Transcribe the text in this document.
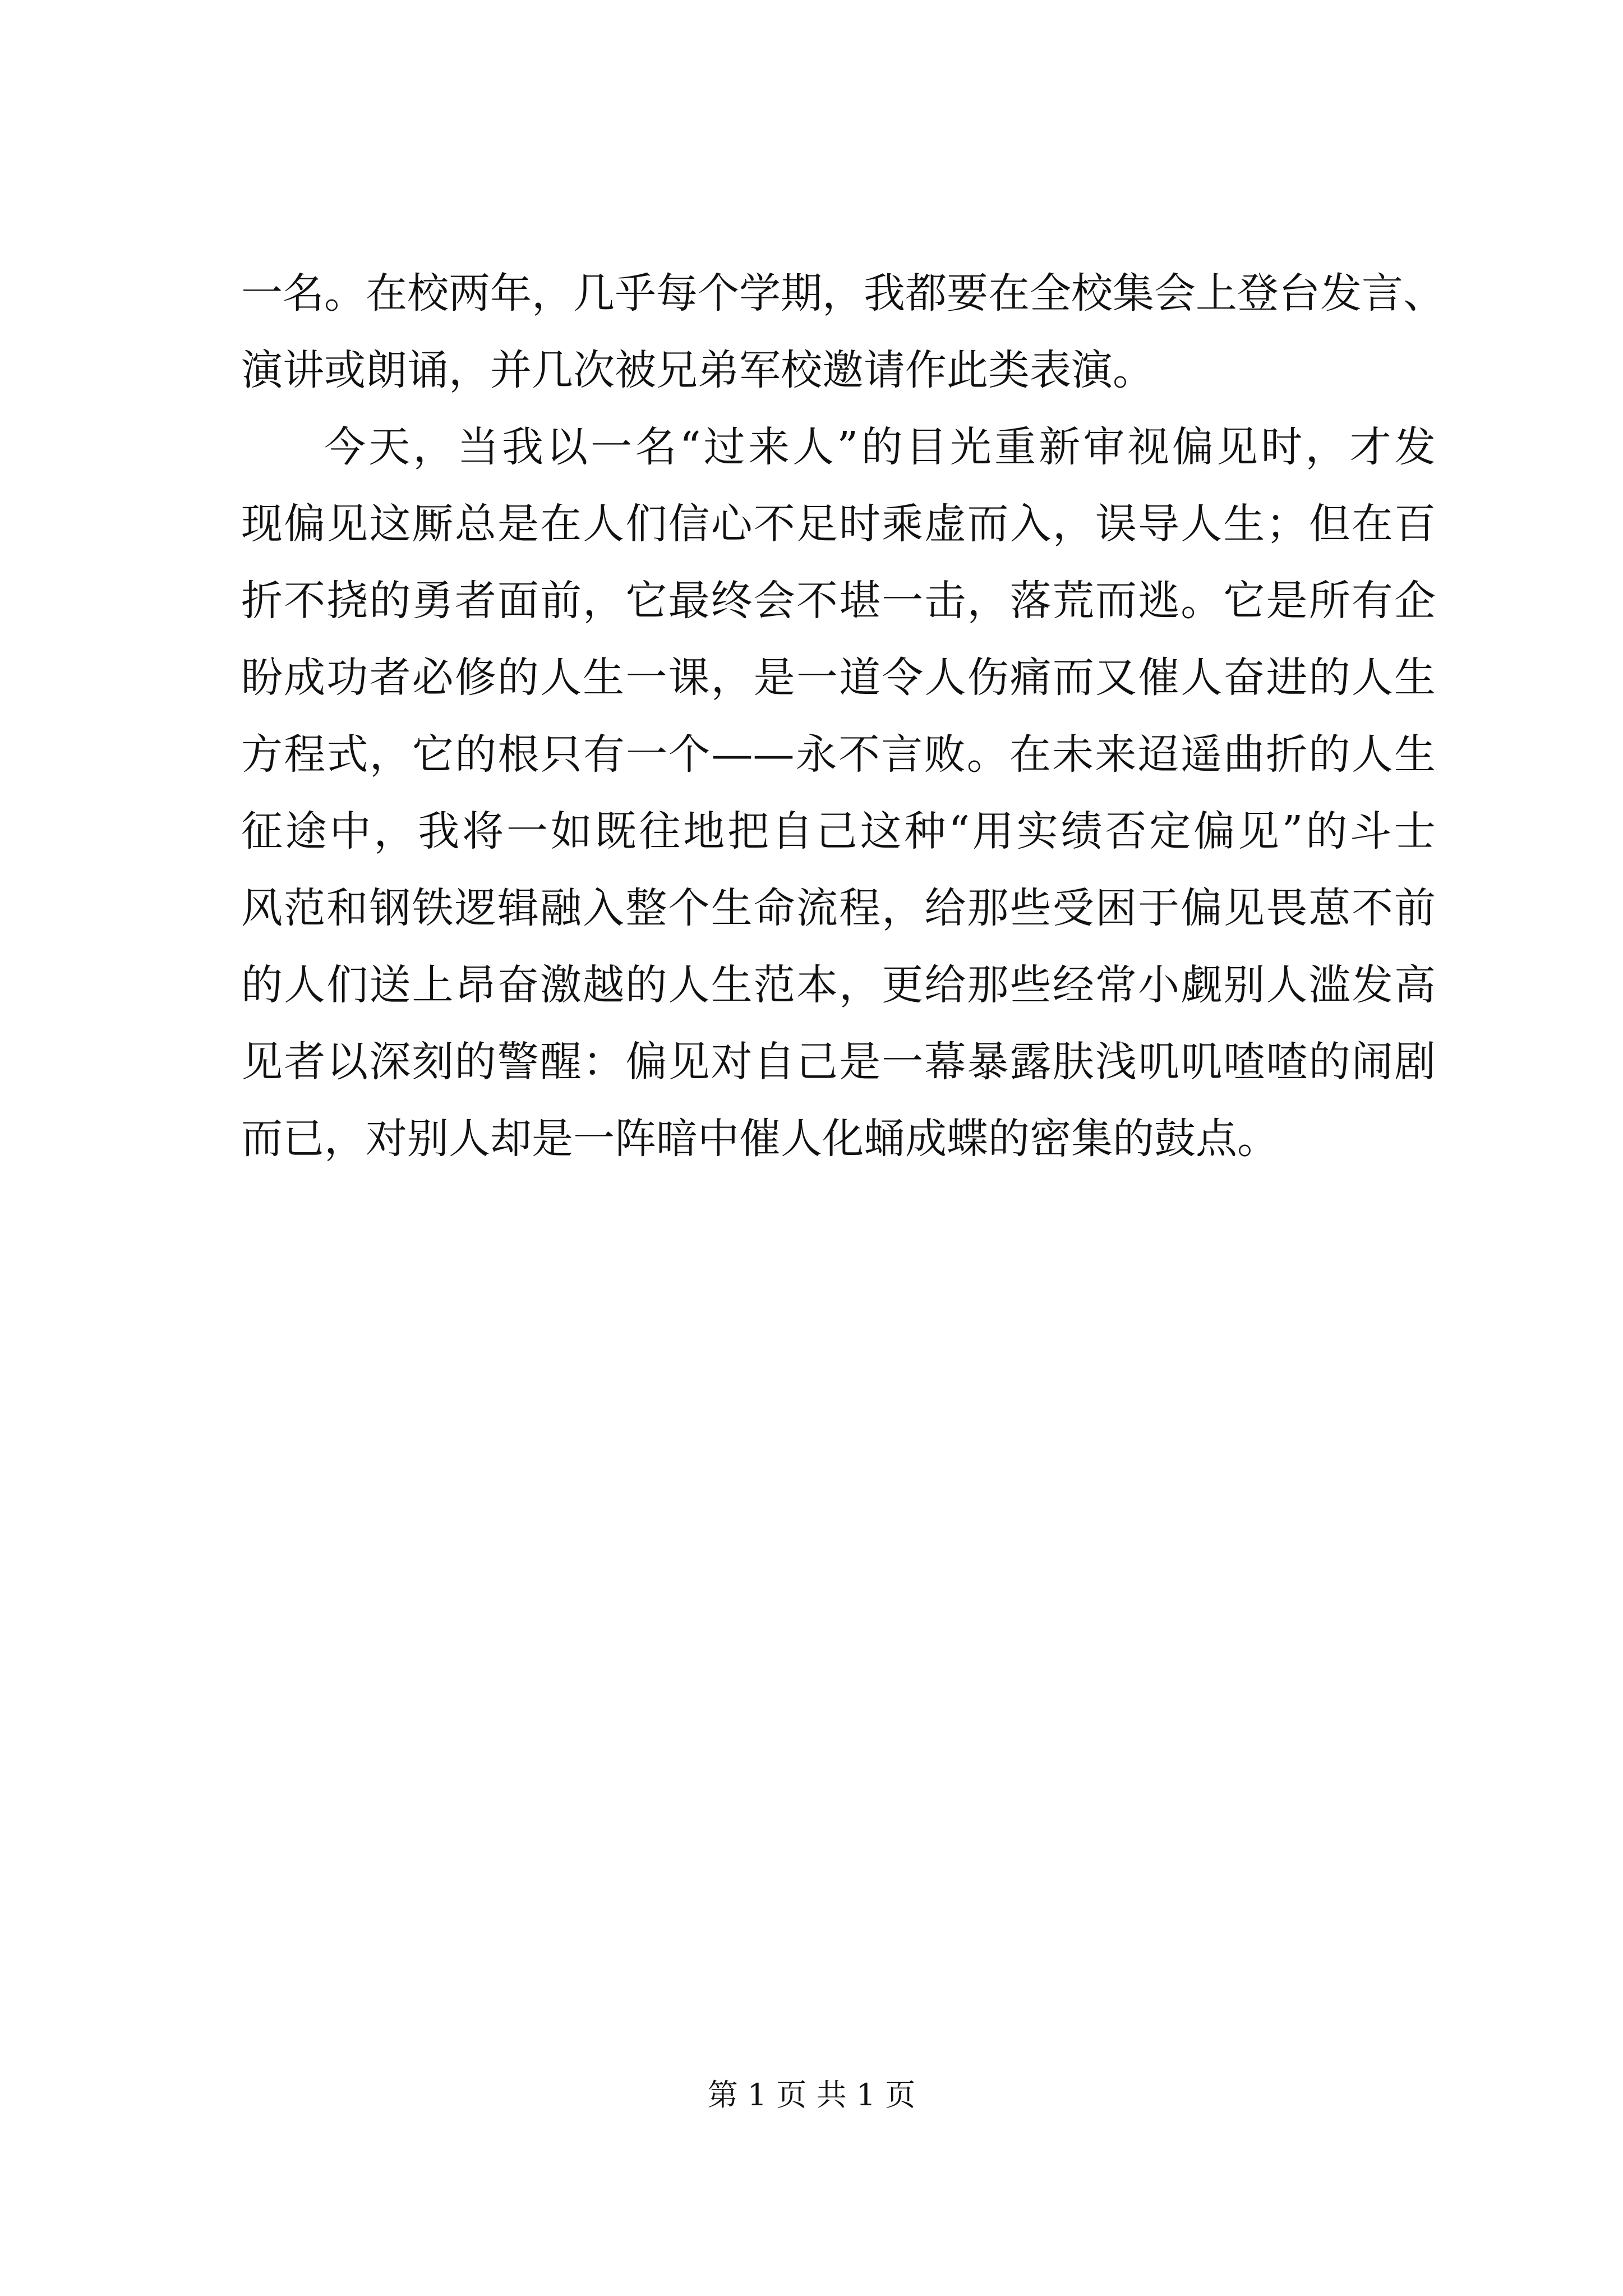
一名。在校两年，几乎每个学期，我都要在全校集会上登台发言、
演讲或朗诵，并几次被兄弟军校邀请作此类表演。
今天，当我以一名“过来人”的目光重新审视偏见时，才发
现偏见这厮总是在人们信心不足时乘虚而入，误导人生；但在百
折不挠的勇者面前，它最终会不堪一击，落荒而逃。它是所有企
盼成功者必修的人生一课，是一道令人伤痛而又催人奋进的人生
方程式，它的根只有一个——永不言败。在未来迢遥曲折的人生
征途中，我将一如既往地把自己这种“用实绩否定偏见”的斗士
风范和钢铁逻辑融入整个生命流程，给那些受困于偏见畏葸不前
的人们送上昂奋激越的人生范本，更给那些经常小觑别人滥发高
见者以深刻的警醒：偏见对自己是一幕暴露肤浅叽叽喳喳的闹剧
而已，对别人却是一阵暗中催人化蛹成蝶的密集的鼓点。
第 1 页 共 1 页
